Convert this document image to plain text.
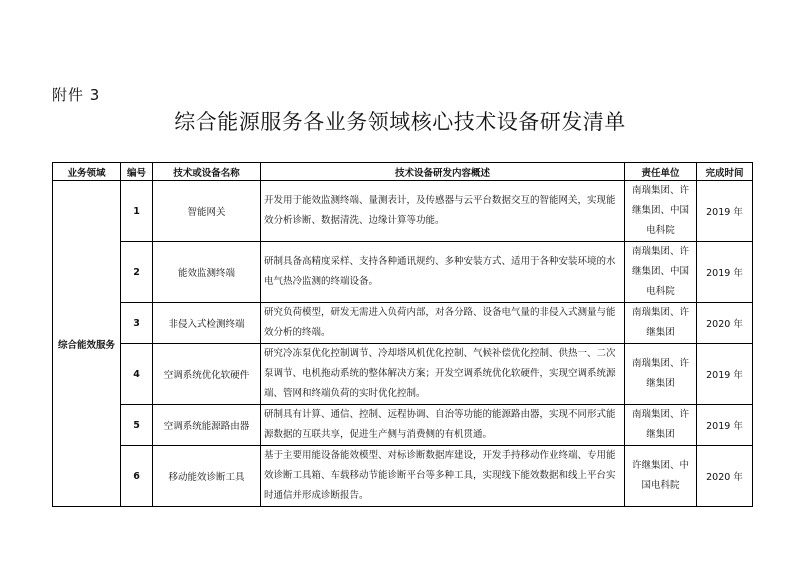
附件 3
综合能源服务各业务领域核心技术设备研发清单
业务领域	编号	技术或设备名称	技术设备研发内容概述	责任单位	完成时间
综合能效服务	1	智能网关	开发用于能效监测终端、量测表计，及传感器与云平台数据交互的智能网关，实现能效分析诊断、数据清洗、边缘计算等功能。	南瑞集团、许继集团、中国电科院	2019 年
	2	能效监测终端	研制具备高精度采样、支持各种通讯规约、多种安装方式、适用于各种安装环境的水电气热冷监测的终端设备。	南瑞集团、许继集团、中国电科院	2019 年
	3	非侵入式检测终端	研究负荷模型，研发无需进入负荷内部，对各分路、设备电气量的非侵入式测量与能效分析的终端。	南瑞集团、许继集团	2020 年
	4	空调系统优化软硬件	研究冷冻泵优化控制调节、冷却塔风机优化控制、气候补偿优化控制、供热一、二次泵调节、电机拖动系统的整体解决方案；开发空调系统优化软硬件，实现空调系统源端、管网和终端负荷的实时优化控制。	南瑞集团、许继集团	2019 年
	5	空调系统能源路由器	研制具有计算、通信、控制、远程协调、自治等功能的能源路由器，实现不同形式能源数据的互联共享，促进生产侧与消费侧的有机贯通。	南瑞集团、许继集团	2019 年
	6	移动能效诊断工具	基于主要用能设备能效模型、对标诊断数据库建设，开发手持移动作业终端、专用能效诊断工具箱、车载移动节能诊断平台等多种工具，实现线下能效数据和线上平台实时通信并形成诊断报告。	许继集团、中国电科院	2020 年
